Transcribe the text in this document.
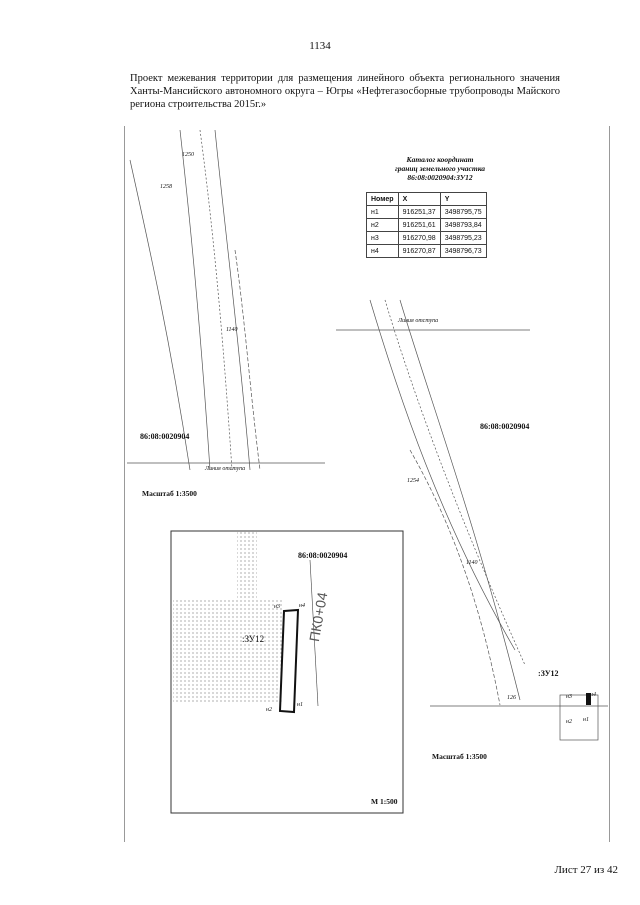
1134
Проект межевания территории для размещения линейного объекта регионального значения Ханты-Мансийского автономного округа – Югры «Нефтегазосборные трубопроводы Майского региона строительства 2015г.»
Каталог координат
границ земельного участка
86:08:0020904:ЗУ12
Номер	X	Y
н1	916251,37	3498795,75
н2	916251,61	3498793,84
н3	916270,98	3498795,23
н4	916270,87	3498796,73
86:08:0020904
86:08:0020904
86:08:0020904
Масштаб 1:3500
Масштаб 1:3500
М 1:500
:ЗУ12
:ЗУ12
н1
н2
н3	н4
н1
н2
н3	н4
ПК0+04
1250
1258
1140
1254
1140
126
Линия отступа
Линия отступа
Лист 27 из 42
